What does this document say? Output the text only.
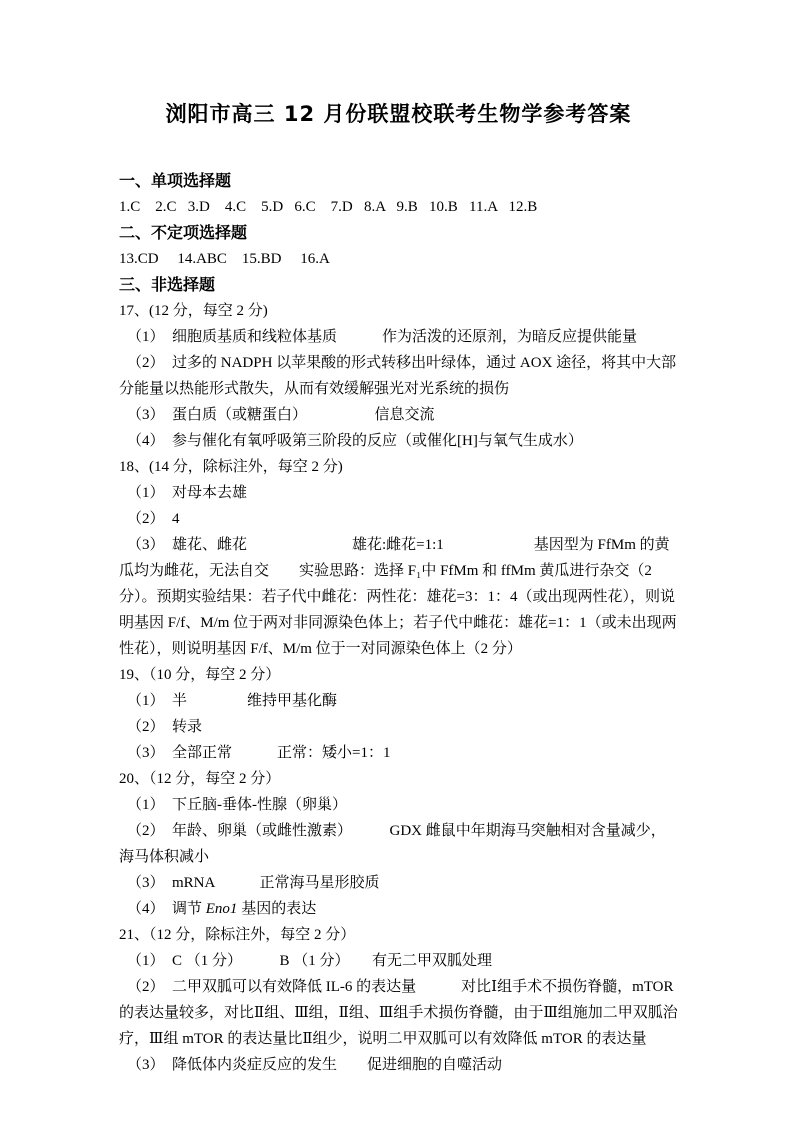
浏阳市高三 12 月份联盟校联考生物学参考答案
一、单项选择题

1.C    2.C   3.D    4.C    5.D   6.C    7.D   8.A   9.B   10.B   11.A   12.B

二、不定项选择题

13.CD     14.ABC    15.BD     16.A

三、非选择题

17、(12 分，每空 2 分)

（1）　细胞质基质和线粒体基质　　　作为活泼的还原剂，为暗反应提供能量

（2）　过多的 NADPH 以苹果酸的形式转移出叶绿体，通过 AOX 途径，将其中大部分能量以热能形式散失，从而有效缓解强光对光系统的损伤

（3）　蛋白质（或糖蛋白）　　　　　信息交流

（4）　参与催化有氧呼吸第三阶段的反应（或催化[H]与氧气生成水）

18、(14 分，除标注外，每空 2 分)

（1）　对母本去雄

（2）　4

（3）　雄花、雌花　　　　　　　雄花:雌花=1:1　　　　　　基因型为 FfMm 的黄瓜均为雌花，无法自交　　实验思路：选择 F₁中 FfMm 和 ffMm 黄瓜进行杂交（2 分）。预期实验结果：若子代中雌花：两性花：雄花=3：1：4（或出现两性花），则说明基因 F/f、M/m 位于两对非同源染色体上；若子代中雌花：雄花=1：1（或未出现两性花），则说明基因 F/f、M/m 位于一对同源染色体上（2 分）

19、（10 分，每空 2 分）

（1）　半　　　　维持甲基化酶

（2）　转录

（3）　全部正常　　　正常：矮小=1：1

20、（12 分，每空 2 分）

（1）　下丘脑-垂体-性腺（卵巢）

（2）　年龄、卵巢（或雌性激素）　　　GDX 雌鼠中年期海马突触相对含量减少，海马体积减小

（3）　mRNA　　　正常海马星形胶质

（4）　调节 Eno1 基因的表达

21、（12 分，除标注外，每空 2 分）

（1）　C （1 分）　　　B （1 分）　　有无二甲双胍处理

（2）　二甲双胍可以有效降低 IL-6 的表达量　　　对比Ⅰ组手术不损伤脊髓，mTOR 的表达量较多，对比Ⅱ组、Ⅲ组，Ⅱ组、Ⅲ组手术损伤脊髓，由于Ⅲ组施加二甲双胍治疗，Ⅲ组 mTOR 的表达量比Ⅱ组少，说明二甲双胍可以有效降低 mTOR 的表达量

（3）　降低体内炎症反应的发生　　促进细胞的自噬活动
